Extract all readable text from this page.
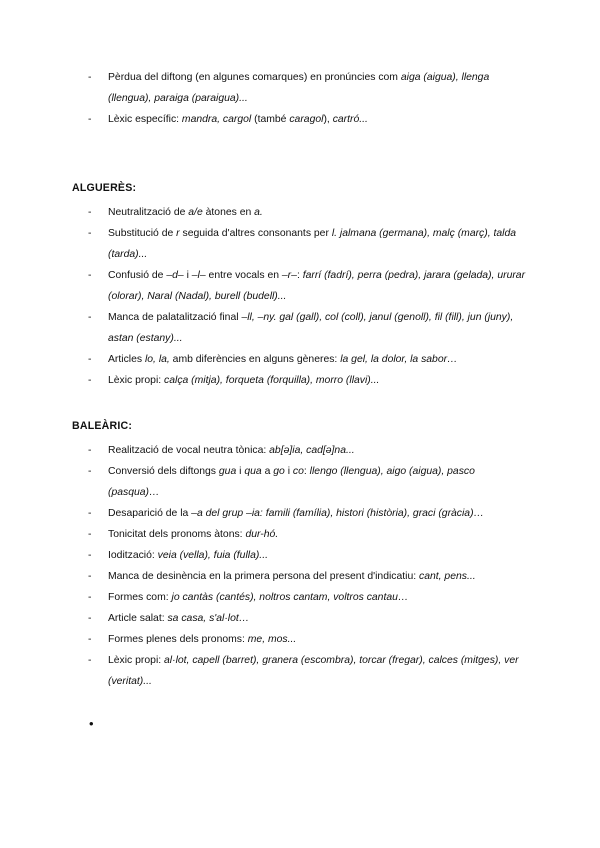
- Pèrdua del diftong (en algunes comarques) en pronúncies com aiga (aigua), llenga (llengua), paraiga (paraigua)...
- Lèxic específic: mandra, cargol (també caragol), cartró...
ALGUERÈS:
- Neutralització de a/e àtones en a.
- Substitució de r seguida d'altres consonants per l. jalmana (germana), malç (març), talda (tarda)...
- Confusió de –d– i –l– entre vocals en –r–: farrí (fadrí), perra (pedra), jarara (gelada), ururar (olorar), Naral (Nadal), burell (budell)...
- Manca de palatalització final –ll, –ny. gal (gall), col (coll), janul (genoll), fil (fill), jun (juny), astan (estany)...
- Articles lo, la, amb diferències en alguns gèneres: la gel, la dolor, la sabor…
- Lèxic propi: calça (mitja), forqueta (forquilla), morro (llavi)...
BALEÀRIC:
- Realització de vocal neutra tònica: ab[ə]ia, cad[ə]na...
- Conversió dels diftongs gua i qua a go i co: llengo (llengua), aigo (aigua), pasco (pasqua)…
- Desaparició de la –a del grup –ia: famili (família), histori (història), graci (gràcia)…
- Tonicitat dels pronoms àtons: dur-hó.
- Iodització: veia (vella), fuia (fulla)...
- Manca de desinència en la primera persona del present d'indicatiu: cant, pens...
- Formes com: jo cantàs (cantés), noltros cantam, voltros cantau…
- Article salat: sa casa, s'al·lot…
- Formes plenes dels pronoms: me, mos...
- Lèxic propi: al·lot, capell (barret), granera (escombra), torcar (fregar), calces (mitges), ver (veritat)...
•
